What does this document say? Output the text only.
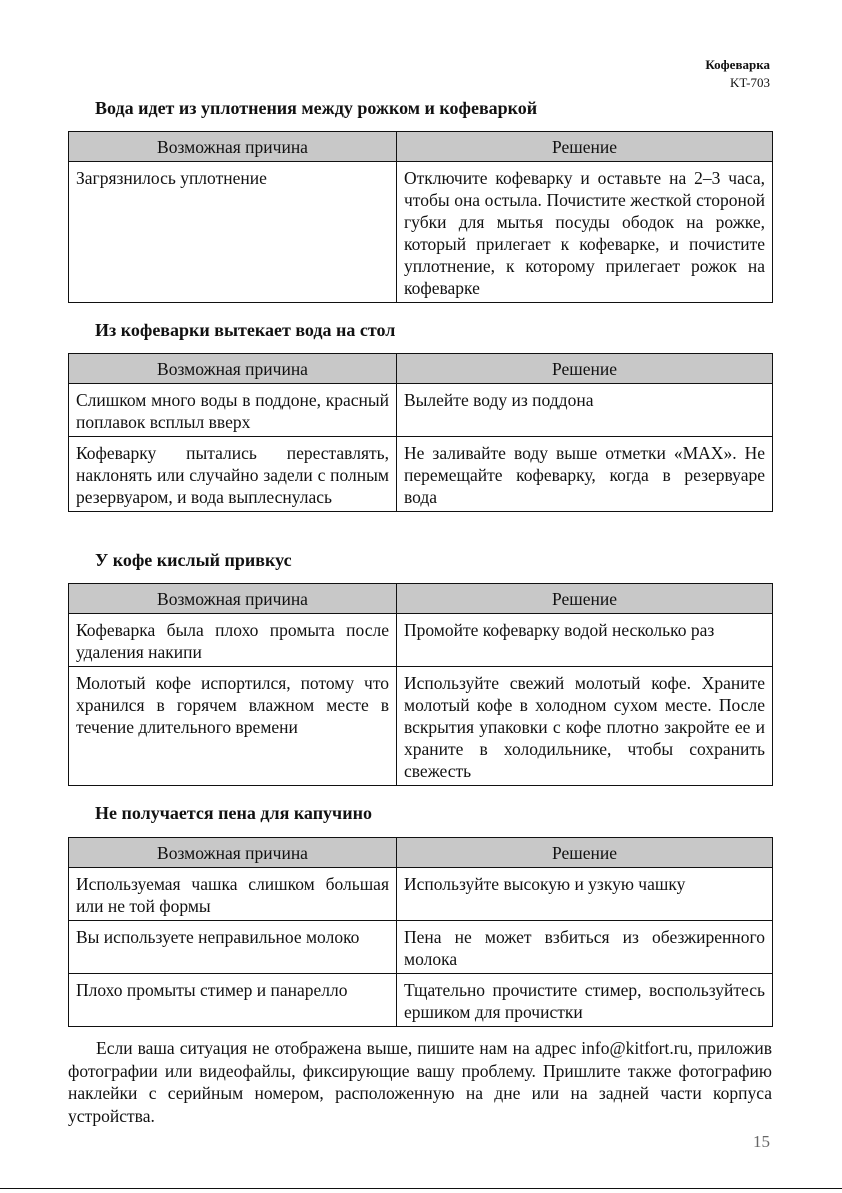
Кофеварка
KT-703
Вода идет из уплотнения между рожком и кофеваркой
Возможная причина	Решение
Загрязнилось уплотнение	Отключите кофеварку и оставьте на 2–3 часа, чтобы она остыла. Почистите жесткой стороной губки для мытья посуды ободок на рожке, который прилегает к кофеварке, и почистите уплотнение, к которому прилегает рожок на кофеварке
Из кофеварки вытекает вода на стол
Возможная причина	Решение
Слишком много воды в поддоне, красный поплавок всплыл вверх	Вылейте воду из поддона
Кофеварку пытались переставлять, наклонять или случайно задели с полным резервуаром, и вода выплеснулась	Не заливайте воду выше отметки «MAX». Не перемещайте кофеварку, когда в резервуаре вода
У кофе кислый привкус
Возможная причина	Решение
Кофеварка была плохо промыта после удаления накипи	Промойте кофеварку водой несколько раз
Молотый кофе испортился, потому что хранился в горячем влажном месте в течение длительного времени	Используйте свежий молотый кофе. Храните молотый кофе в холодном сухом месте. После вскрытия упаковки с кофе плотно закройте ее и храните в холодильнике, чтобы сохранить свежесть
Не получается пена для капучино
Возможная причина	Решение
Используемая чашка слишком большая или не той формы	Используйте высокую и узкую чашку
Вы используете неправильное молоко	Пена не может взбиться из обезжиренного молока
Плохо промыты стимер и панарелло	Тщательно прочистите стимер, воспользуйтесь ершиком для прочистки

Если ваша ситуация не отображена выше, пишите нам на адрес info@kitfort.ru, приложив фотографии или видеофайлы, фиксирующие вашу проблему. Пришлите также фотографию наклейки с серийным номером, расположенную на дне или на задней части корпуса устройства.

15
